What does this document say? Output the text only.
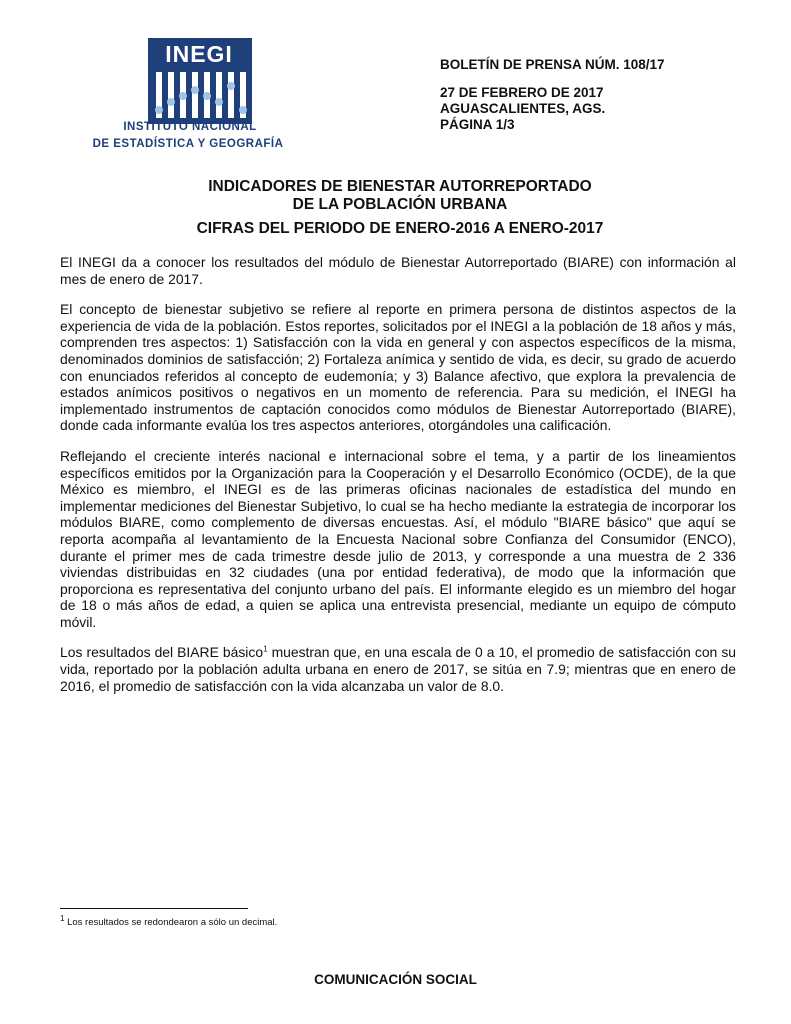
INEGI
INSTITUTO NACIONAL
DE ESTADÍSTICA Y GEOGRAFÍA
BOLETÍN DE PRENSA NÚM. 108/17
27 DE FEBRERO DE 2017
AGUASCALIENTES, AGS.
PÁGINA 1/3
INDICADORES DE BIENESTAR AUTORREPORTADO
DE LA POBLACIÓN URBANA
CIFRAS DEL PERIODO DE ENERO-2016 A ENERO-2017

El INEGI da a conocer los resultados del módulo de Bienestar Autorreportado (BIARE) con información al mes de enero de 2017.

El concepto de bienestar subjetivo se refiere al reporte en primera persona de distintos aspectos de la experiencia de vida de la población. Estos reportes, solicitados por el INEGI a la población de 18 años y más, comprenden tres aspectos: 1) Satisfacción con la vida en general y con aspectos específicos de la misma, denominados dominios de satisfacción; 2) Fortaleza anímica y sentido de vida, es decir, su grado de acuerdo con enunciados referidos al concepto de eudemonía; y 3) Balance afectivo, que explora la prevalencia de estados anímicos positivos o negativos en un momento de referencia. Para su medición, el INEGI ha implementado instrumentos de captación conocidos como módulos de Bienestar Autorreportado (BIARE), donde cada informante evalúa los tres aspectos anteriores, otorgándoles una calificación.

Reflejando el creciente interés nacional e internacional sobre el tema, y a partir de los lineamientos específicos emitidos por la Organización para la Cooperación y el Desarrollo Económico (OCDE), de la que México es miembro, el INEGI es de las primeras oficinas nacionales de estadística del mundo en implementar mediciones del Bienestar Subjetivo, lo cual se ha hecho mediante la estrategia de incorporar los módulos BIARE, como complemento de diversas encuestas. Así, el módulo "BIARE básico" que aquí se reporta acompaña al levantamiento de la Encuesta Nacional sobre Confianza del Consumidor (ENCO), durante el primer mes de cada trimestre desde julio de 2013, y corresponde a una muestra de 2 336 viviendas distribuidas en 32 ciudades (una por entidad federativa), de modo que la información que proporciona es representativa del conjunto urbano del país. El informante elegido es un miembro del hogar de 18 o más años de edad, a quien se aplica una entrevista presencial, mediante un equipo de cómputo móvil.

Los resultados del BIARE básico$^1$ muestran que, en una escala de 0 a 10, el promedio de satisfacción con su vida, reportado por la población adulta urbana en enero de 2017, se sitúa en 7.9; mientras que en enero de 2016, el promedio de satisfacción con la vida alcanzaba un valor de 8.0.

$^1$ Los resultados se redondearon a sólo un decimal.
COMUNICACIÓN SOCIAL
